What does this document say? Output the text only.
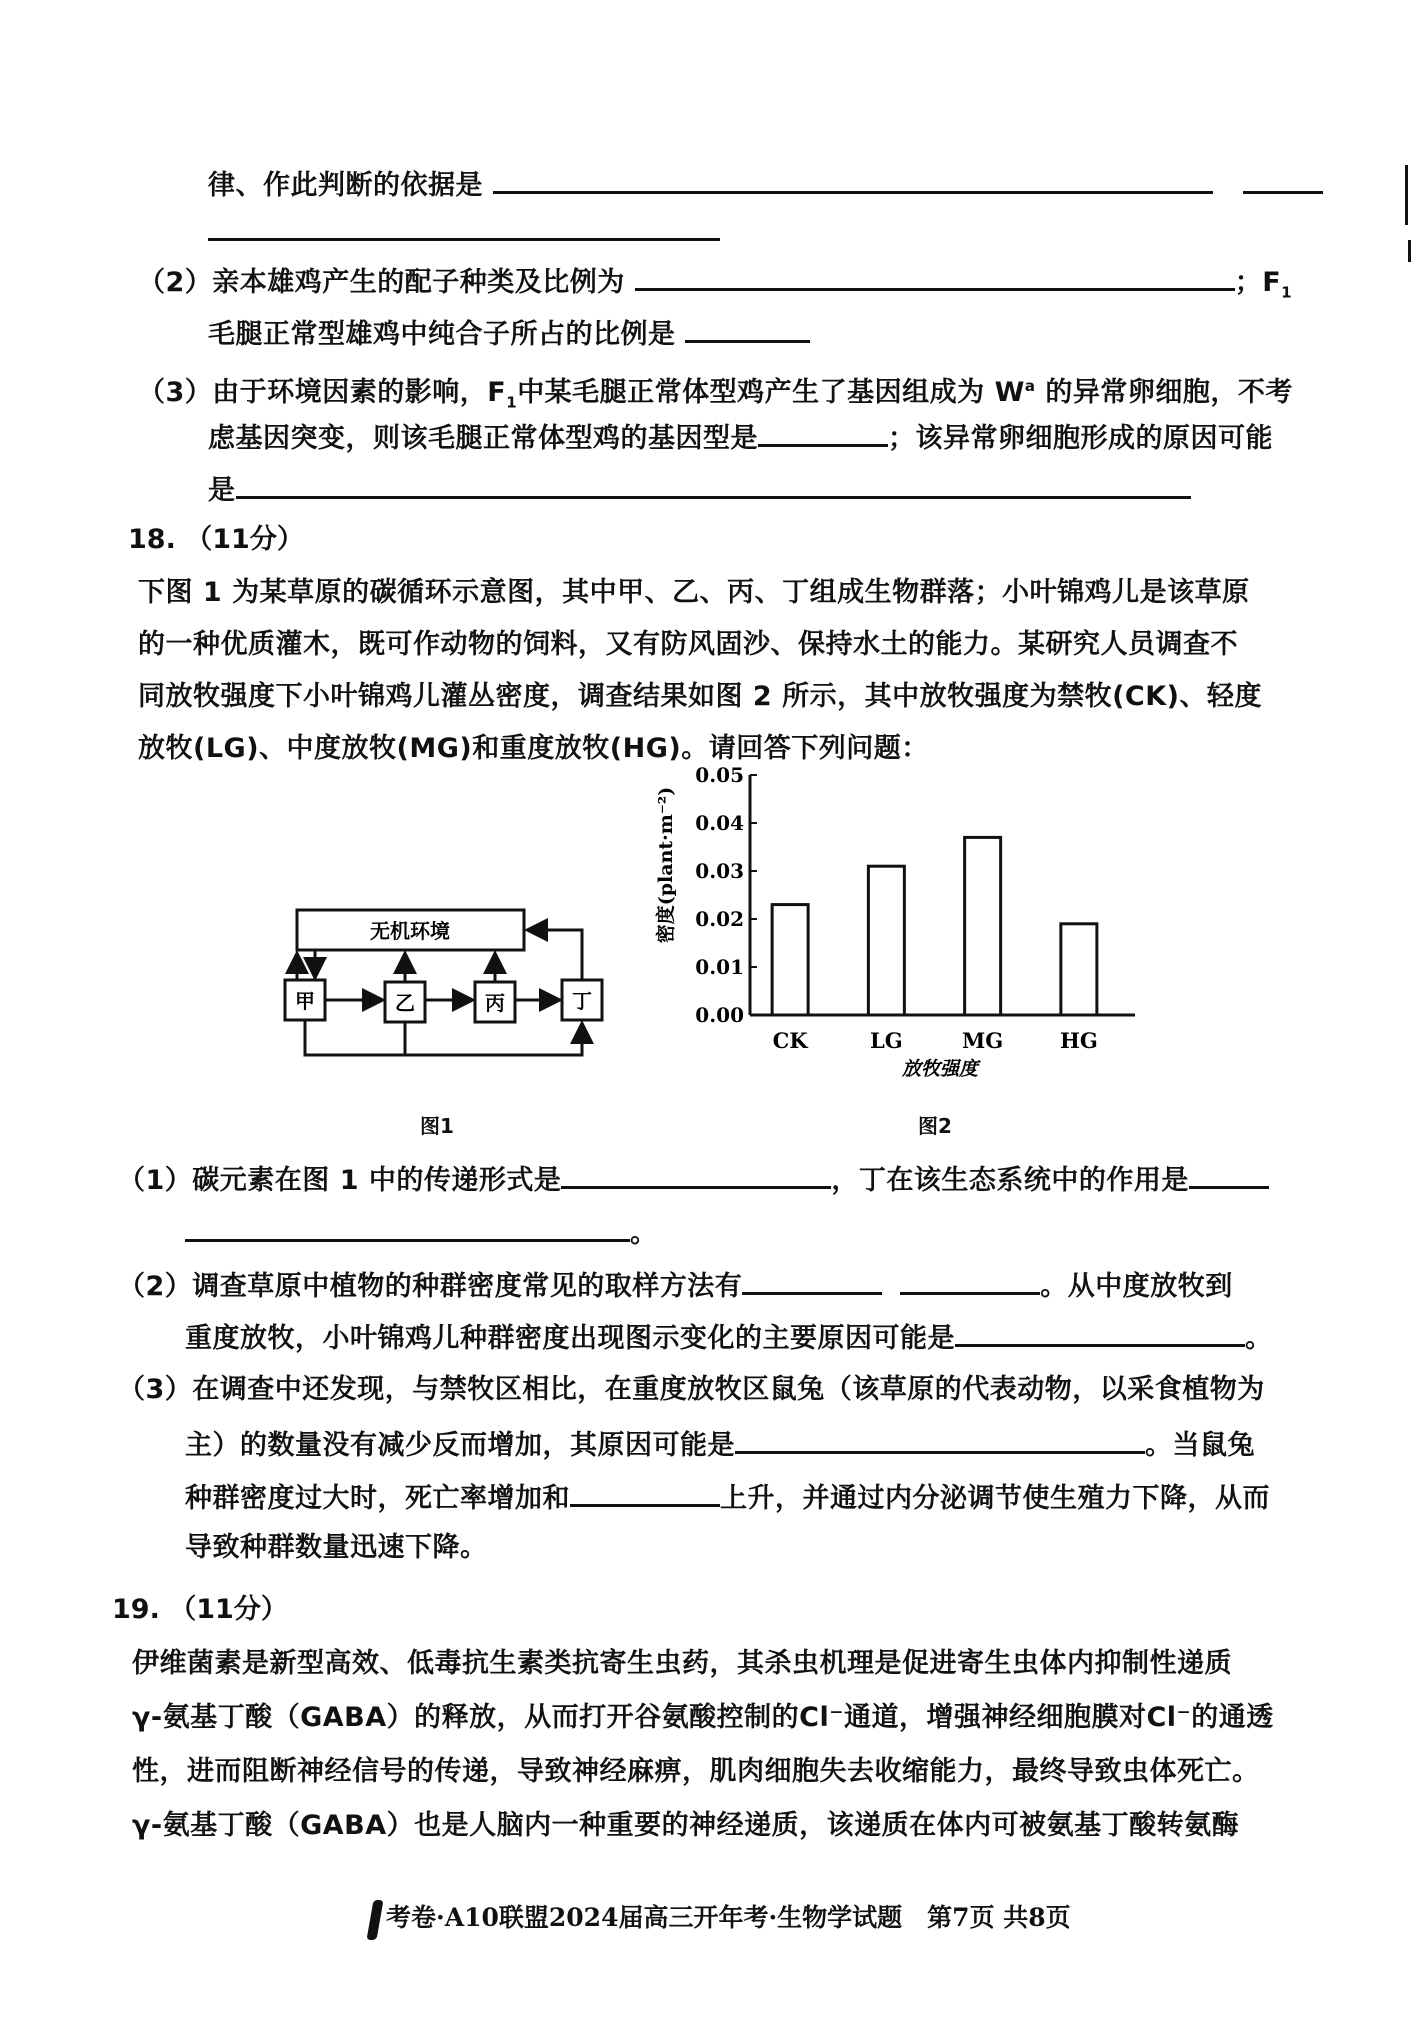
律、作此判断的依据是
（2）亲本雄鸡产生的配子种类及比例为	；$F_1$
毛腿正常型雄鸡中纯合子所占的比例是
（3）由于环境因素的影响，$F_1$中某毛腿正常体型鸡产生了基因组成为 $W^a$ 的异常卵细胞，不考
虑基因突变，则该毛腿正常体型鸡的基因型是	；该异常卵细胞形成的原因可能
是
18. （11分）
下图 1 为某草原的碳循环示意图，其中甲、乙、丙、丁组成生物群落；小叶锦鸡儿是该草原
的一种优质灌木，既可作动物的饲料，又有防风固沙、保持水土的能力。某研究人员调查不
同放牧强度下小叶锦鸡儿灌丛密度，调查结果如图 2 所示，其中放牧强度为禁牧(CK)、轻度
放牧(LG)、中度放牧(MG)和重度放牧(HG)。请回答下列问题：
无机环境
甲	乙	丙	丁
图1
密度(plant·m⁻²)
0.00
0.01
0.02
0.03
0.04
0.05
CK	LG	MG	HG
放牧强度
图2
（1）碳元素在图 1 中的传递形式是	，丁在该生态系统中的作用是
。
（2）调查草原中植物的种群密度常见的取样方法有	。从中度放牧到
重度放牧，小叶锦鸡儿种群密度出现图示变化的主要原因可能是	。
（3）在调查中还发现，与禁牧区相比，在重度放牧区鼠兔（该草原的代表动物，以采食植物为
主）的数量没有减少反而增加，其原因可能是	。当鼠兔
种群密度过大时，死亡率增加和	上升，并通过内分泌调节使生殖力下降，从而
导致种群数量迅速下降。
19. （11分）
伊维菌素是新型高效、低毒抗生素类抗寄生虫药，其杀虫机理是促进寄生虫体内抑制性递质
γ-氨基丁酸（GABA）的释放，从而打开谷氨酸控制的Cl⁻通道，增强神经细胞膜对Cl⁻的通透
性，进而阻断神经信号的传递，导致神经麻痹，肌肉细胞失去收缩能力，最终导致虫体死亡。
γ-氨基丁酸（GABA）也是人脑内一种重要的神经递质，该递质在体内可被氨基丁酸转氨酶
考卷·A10联盟2024届高三开年考·生物学试题　第7页 共8页
